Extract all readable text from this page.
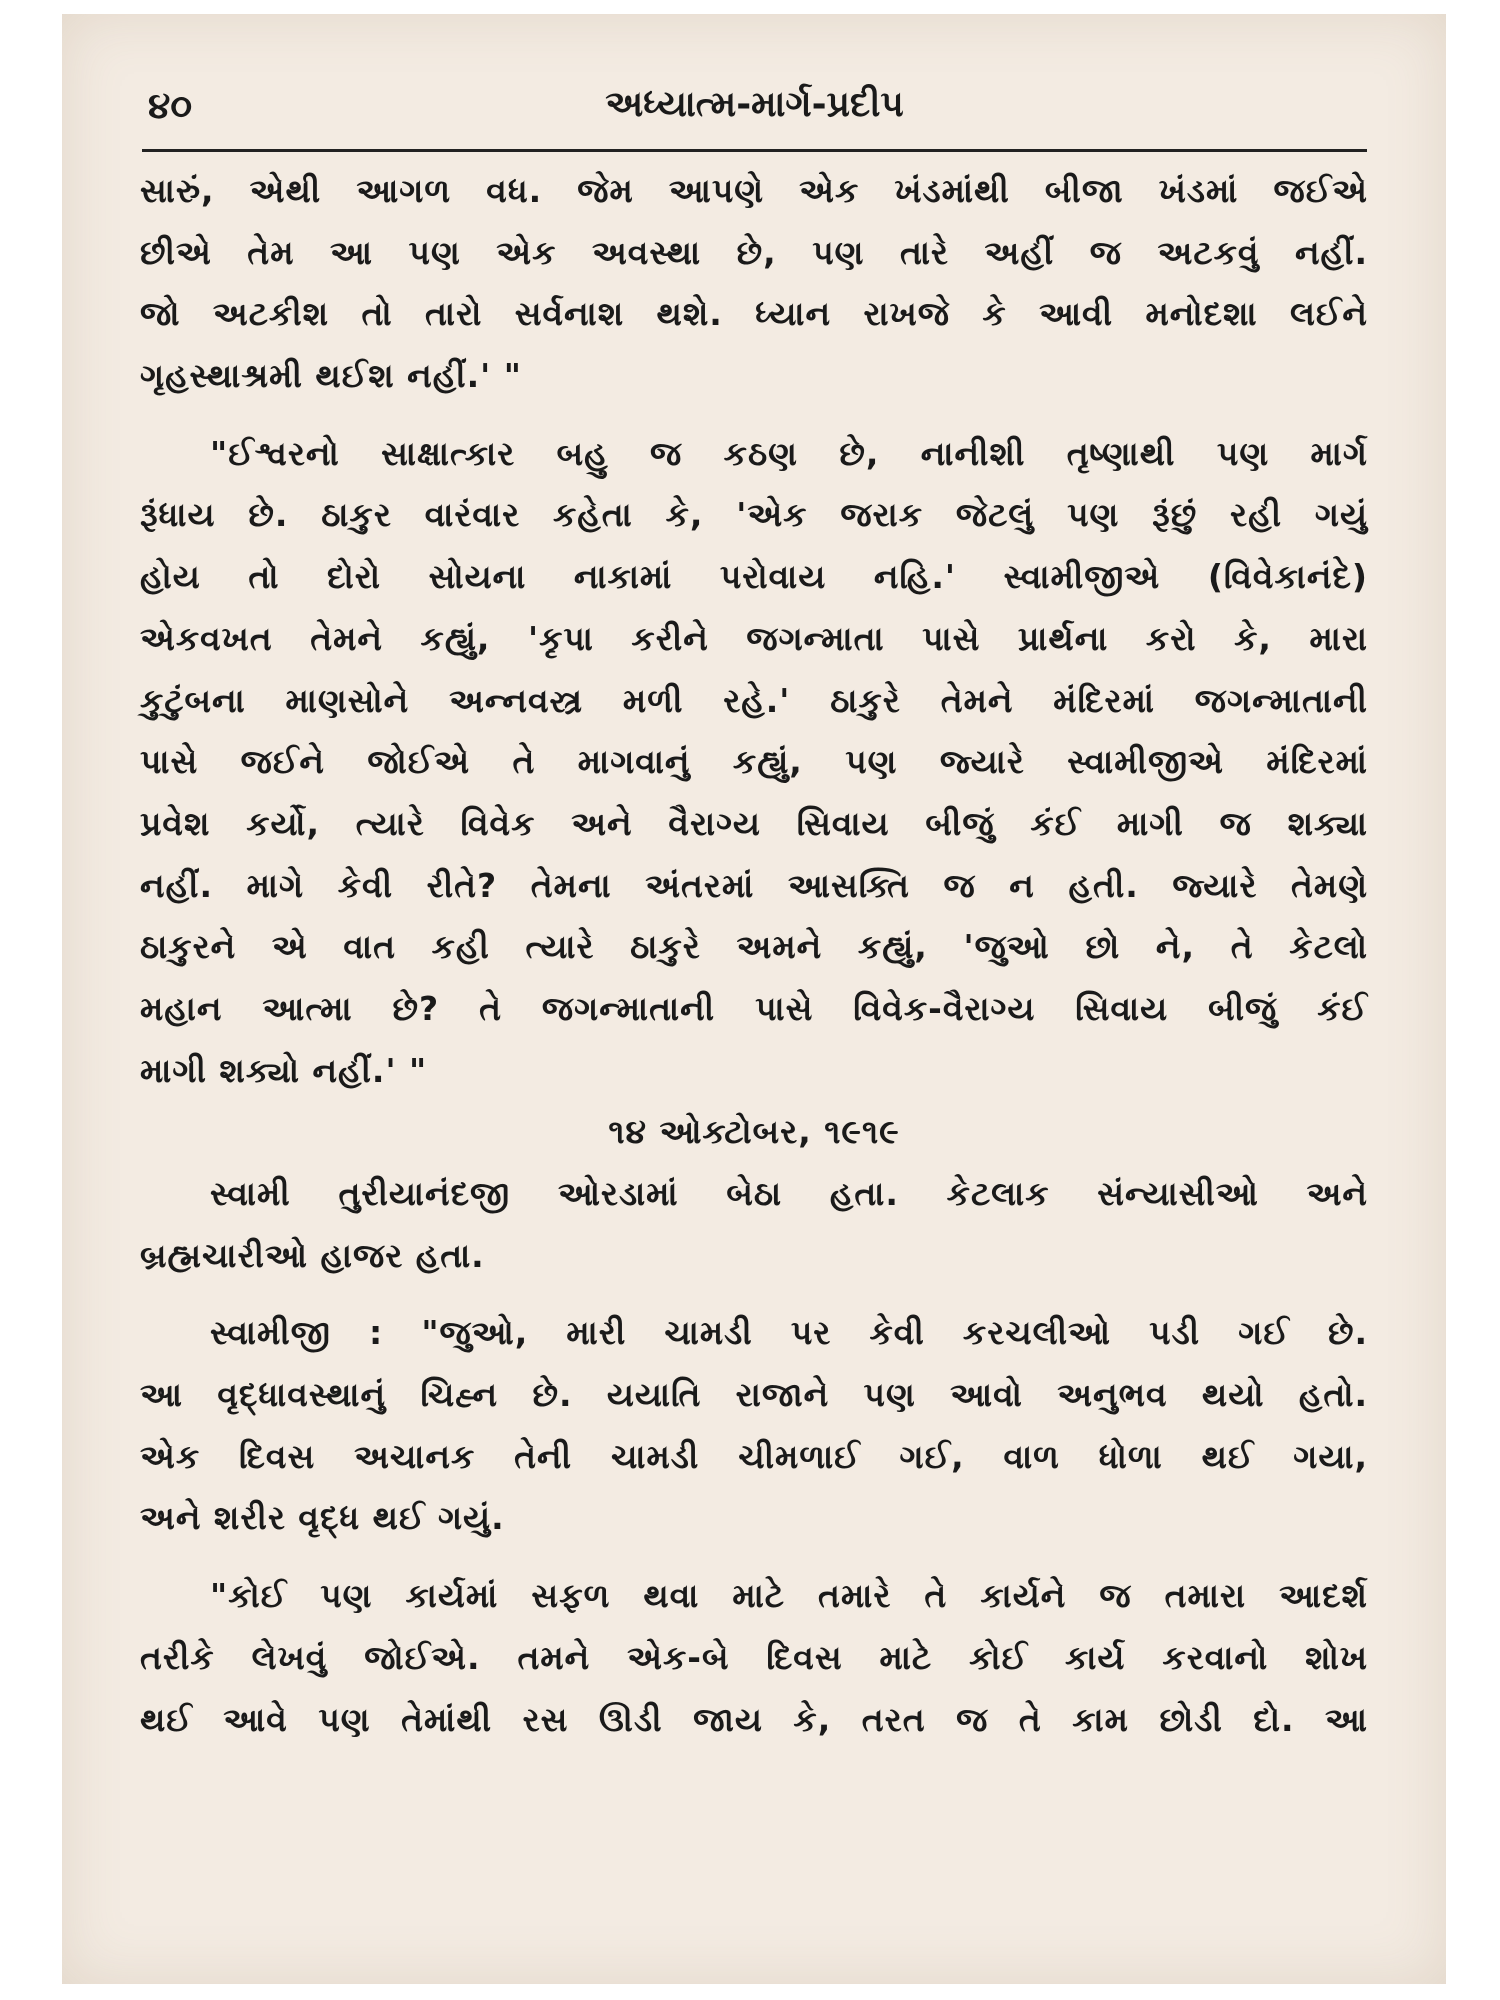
૪૦	અધ્યાત્મ-માર્ગ-પ્રદીપ
સારું, એથી આગળ વધ. જેમ આપણે એક ખંડમાંથી બીજા ખંડમાં જઈએ
છીએ તેમ આ પણ એક અવસ્થા છે, પણ તારે અહીં જ અટકવું નહીં.
જો અટકીશ તો તારો સર્વનાશ થશે. ધ્યાન રાખજે કે આવી મનોદશા લઈને
ગૃહસ્થાશ્રમી થઈશ નહીં.' "
"ઈશ્વરનો સાક્ષાત્કાર બહુ જ કઠણ છે, નાનીશી તૃષ્ણાથી પણ માર્ગ
રૂંધાય છે. ઠાકુર વારંવાર કહેતા કે, 'એક જરાક જેટલું પણ રૂંછું રહી ગયું
હોય તો દોરો સોયના નાકામાં પરોવાય નહિ.' સ્વામીજીએ (વિવેકાનંદે)
એકવખત તેમને કહ્યું, 'કૃપા કરીને જગન્માતા પાસે પ્રાર્થના કરો કે, મારા
કુટુંબના માણસોને અન્નવસ્ત્ર મળી રહે.' ઠાકુરે તેમને મંદિરમાં જગન્માતાની
પાસે જઈને જોઈએ તે માગવાનું કહ્યું, પણ જ્યારે સ્વામીજીએ મંદિરમાં
પ્રવેશ કર્યો, ત્યારે વિવેક અને વૈરાગ્ય સિવાય બીજું કંઈ માગી જ શક્યા
નહીં. માગે કેવી રીતે? તેમના અંતરમાં આસક્તિ જ ન હતી. જ્યારે તેમણે
ઠાકુરને એ વાત કહી ત્યારે ઠાકુરે અમને કહ્યું, 'જુઓ છો ને, તે કેટલો
મહાન આત્મા છે? તે જગન્માતાની પાસે વિવેક-વૈરાગ્ય સિવાય બીજું કંઈ
માગી શક્યો નહીં.' "
૧૪ ઓક્ટોબર, ૧૯૧૯
સ્વામી તુરીયાનંદજી ઓરડામાં બેઠા હતા. કેટલાક સંન્યાસીઓ અને
બ્રહ્મચારીઓ હાજર હતા.
સ્વામીજી : "જુઓ, મારી ચામડી પર કેવી કરચલીઓ પડી ગઈ છે.
આ વૃદ્ધાવસ્થાનું ચિહ્ન છે. યયાતિ રાજાને પણ આવો અનુભવ થયો હતો.
એક દિવસ અચાનક તેની ચામડી ચીમળાઈ ગઈ, વાળ ધોળા થઈ ગયા,
અને શરીર વૃદ્ધ થઈ ગયું.
"કોઈ પણ કાર્યમાં સફળ થવા માટે તમારે તે કાર્યને જ તમારા આદર્શ
તરીકે લેખવું જોઈએ. તમને એક-બે દિવસ માટે કોઈ કાર્ય કરવાનો શોખ
થઈ આવે પણ તેમાંથી રસ ઊડી જાય કે, તરત જ તે કામ છોડી દો. આ
